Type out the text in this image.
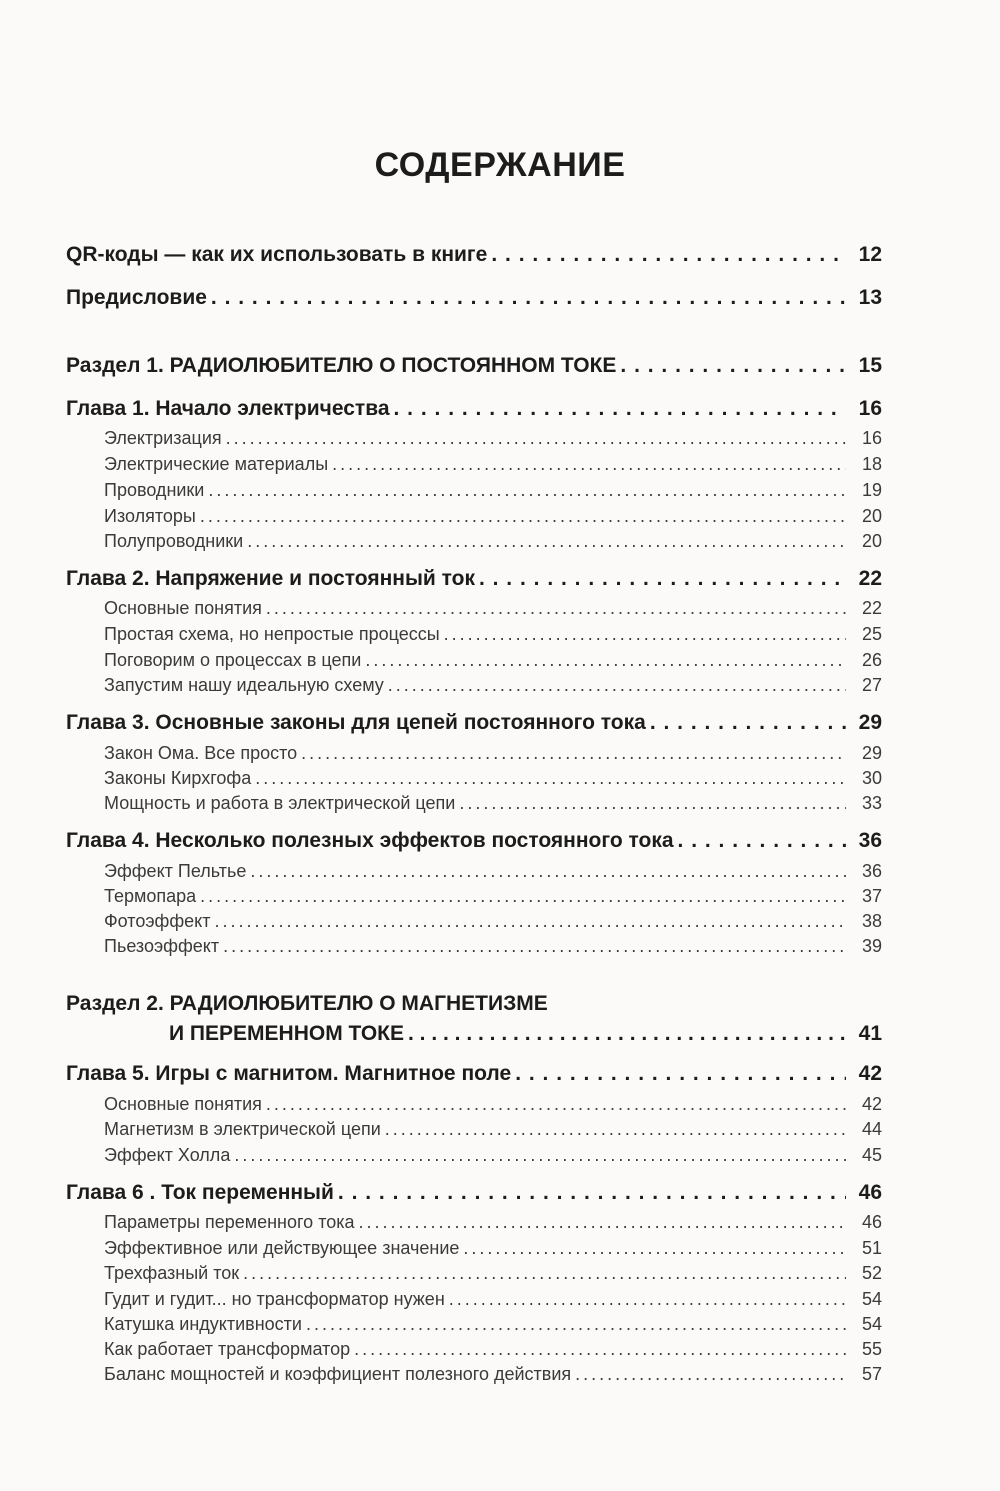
СОДЕРЖАНИЕ
QR-коды — как их использовать в книге . . .	12
Предисловие . . .	13
Раздел 1. РАДИОЛЮБИТЕЛЮ О ПОСТОЯННОМ ТОКЕ . . .	15
Глава 1. Начало электричества . . .	16
Электризация . . .	16
Электрические материалы . . .	18
Проводники . . .	19
Изоляторы . . .	20
Полупроводники . . .	20
Глава 2. Напряжение и постоянный ток . . .	22
Основные понятия . . .	22
Простая схема, но непростые процессы . . .	25
Поговорим о процессах в цепи . . .	26
Запустим нашу идеальную схему . . .	27
Глава 3. Основные законы для цепей постоянного тока . . .	29
Закон Ома. Все просто . . .	29
Законы Кирхгофа . . .	30
Мощность и работа в электрической цепи . . .	33
Глава 4. Несколько полезных эффектов постоянного тока . . .	36
Эффект Пельтье . . .	36
Термопара . . .	37
Фотоэффект . . .	38
Пьезоэффект . . .	39
Раздел 2. РАДИОЛЮБИТЕЛЮ О МАГНЕТИЗМЕ
И ПЕРЕМЕННОМ ТОКЕ . . .	41
Глава 5. Игры с магнитом. Магнитное поле . . .	42
Основные понятия . . .	42
Магнетизм в электрической цепи . . .	44
Эффект Холла . . .	45
Глава 6 . Ток переменный . . .	46
Параметры переменного тока . . .	46
Эффективное или действующее значение . . .	51
Трехфазный ток . . .	52
Гудит и гудит... но трансформатор нужен . . .	54
Катушка индуктивности . . .	54
Как работает трансформатор . . .	55
Баланс мощностей и коэффициент полезного действия . . .	57
